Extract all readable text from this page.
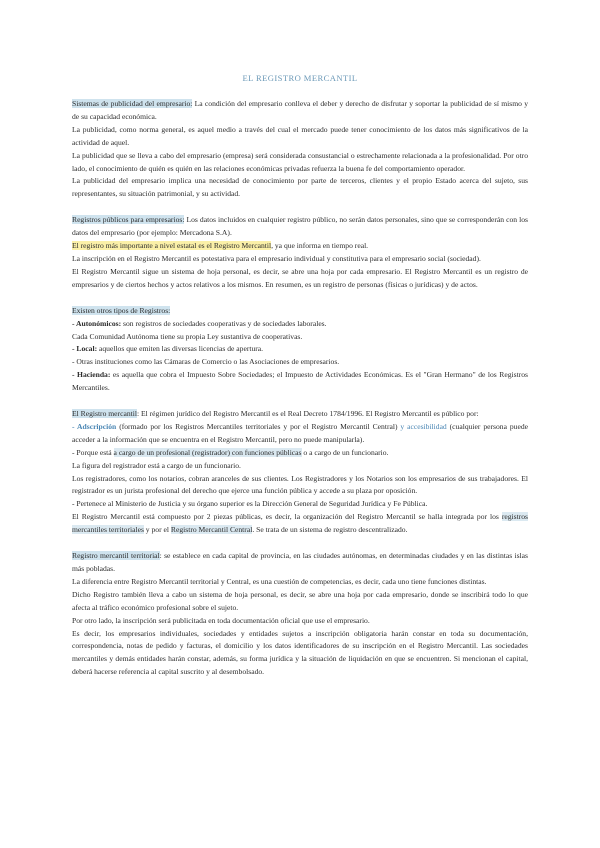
EL REGISTRO MERCANTIL

Sistemas de publicidad del empresario: La condición del empresario conlleva el deber y derecho de disfrutar y soportar la publicidad de sí mismo y de su capacidad económica.

La publicidad, como norma general, es aquel medio a través del cual el mercado puede tener conocimiento de los datos más significativos de la actividad de aquel.

La publicidad que se lleva a cabo del empresario (empresa) será considerada consustancial o estrechamente relacionada a la profesionalidad. Por otro lado, el conocimiento de quién es quién en las relaciones económicas privadas refuerza la buena fe del comportamiento operador.

La publicidad del empresario implica una necesidad de conocimiento por parte de terceros, clientes y el propio Estado acerca del sujeto, sus representantes, su situación patrimonial, y su actividad.

Registros públicos para empresarios: Los datos incluidos en cualquier registro público, no serán datos personales, sino que se corresponderán con los datos del empresario (por ejemplo: Mercadona S.A).

El registro más importante a nivel estatal es el Registro Mercantil, ya que informa en tiempo real.

La inscripción en el Registro Mercantil es potestativa para el empresario individual y constitutiva para el empresario social (sociedad).

El Registro Mercantil sigue un sistema de hoja personal, es decir, se abre una hoja por cada empresario. El Registro Mercantil es un registro de empresarios y de ciertos hechos y actos relativos a los mismos. En resumen, es un registro de personas (físicas o jurídicas) y de actos.

Existen otros tipos de Registros:

- Autonómicos: son registros de sociedades cooperativas y de sociedades laborales.

Cada Comunidad Autónoma tiene su propia Ley sustantiva de cooperativas.

- Local: aquellos que emiten las diversas licencias de apertura.

- Otras instituciones como las Cámaras de Comercio o las Asociaciones de empresarios.

- Hacienda: es aquella que cobra el Impuesto Sobre Sociedades; el Impuesto de Actividades Económicas. Es el "Gran Hermano" de los Registros Mercantiles.

El Registro mercantil: El régimen jurídico del Registro Mercantil es el Real Decreto 1784/1996. El Registro Mercantil es público por:

- Adscripción (formado por los Registros Mercantiles territoriales y por el Registro Mercantil Central) y accesibilidad (cualquier persona puede acceder a la información que se encuentra en el Registro Mercantil, pero no puede manipularla).

- Porque está a cargo de un profesional (registrador) con funciones públicas o a cargo de un funcionario.

La figura del registrador está a cargo de un funcionario.

Los registradores, como los notarios, cobran aranceles de sus clientes. Los Registradores y los Notarios son los empresarios de sus trabajadores. El registrador es un jurista profesional del derecho que ejerce una función pública y accede a su plaza por oposición.

- Pertenece al Ministerio de Justicia y su órgano superior es la Dirección General de Seguridad Jurídica y Fe Pública.

El Registro Mercantil está compuesto por 2 piezas públicas, es decir, la organización del Registro Mercantil se halla integrada por los registros mercantiles territoriales y por el Registro Mercantil Central. Se trata de un sistema de registro descentralizado.

Registro mercantil territorial: se establece en cada capital de provincia, en las ciudades autónomas, en determinadas ciudades y en las distintas islas más pobladas.

La diferencia entre Registro Mercantil territorial y Central, es una cuestión de competencias, es decir, cada uno tiene funciones distintas.

Dicho Registro también lleva a cabo un sistema de hoja personal, es decir, se abre una hoja por cada empresario, donde se inscribirá todo lo que afecta al tráfico económico profesional sobre el sujeto.

Por otro lado, la inscripción será publicitada en toda documentación oficial que use el empresario.

Es decir, los empresarios individuales, sociedades y entidades sujetos a inscripción obligatoria harán constar en toda su documentación, correspondencia, notas de pedido y facturas, el domicilio y los datos identificadores de su inscripción en el Registro Mercantil. Las sociedades mercantiles y demás entidades harán constar, además, su forma jurídica y la situación de liquidación en que se encuentren. Si mencionan el capital, deberá hacerse referencia al capital suscrito y al desembolsado.
